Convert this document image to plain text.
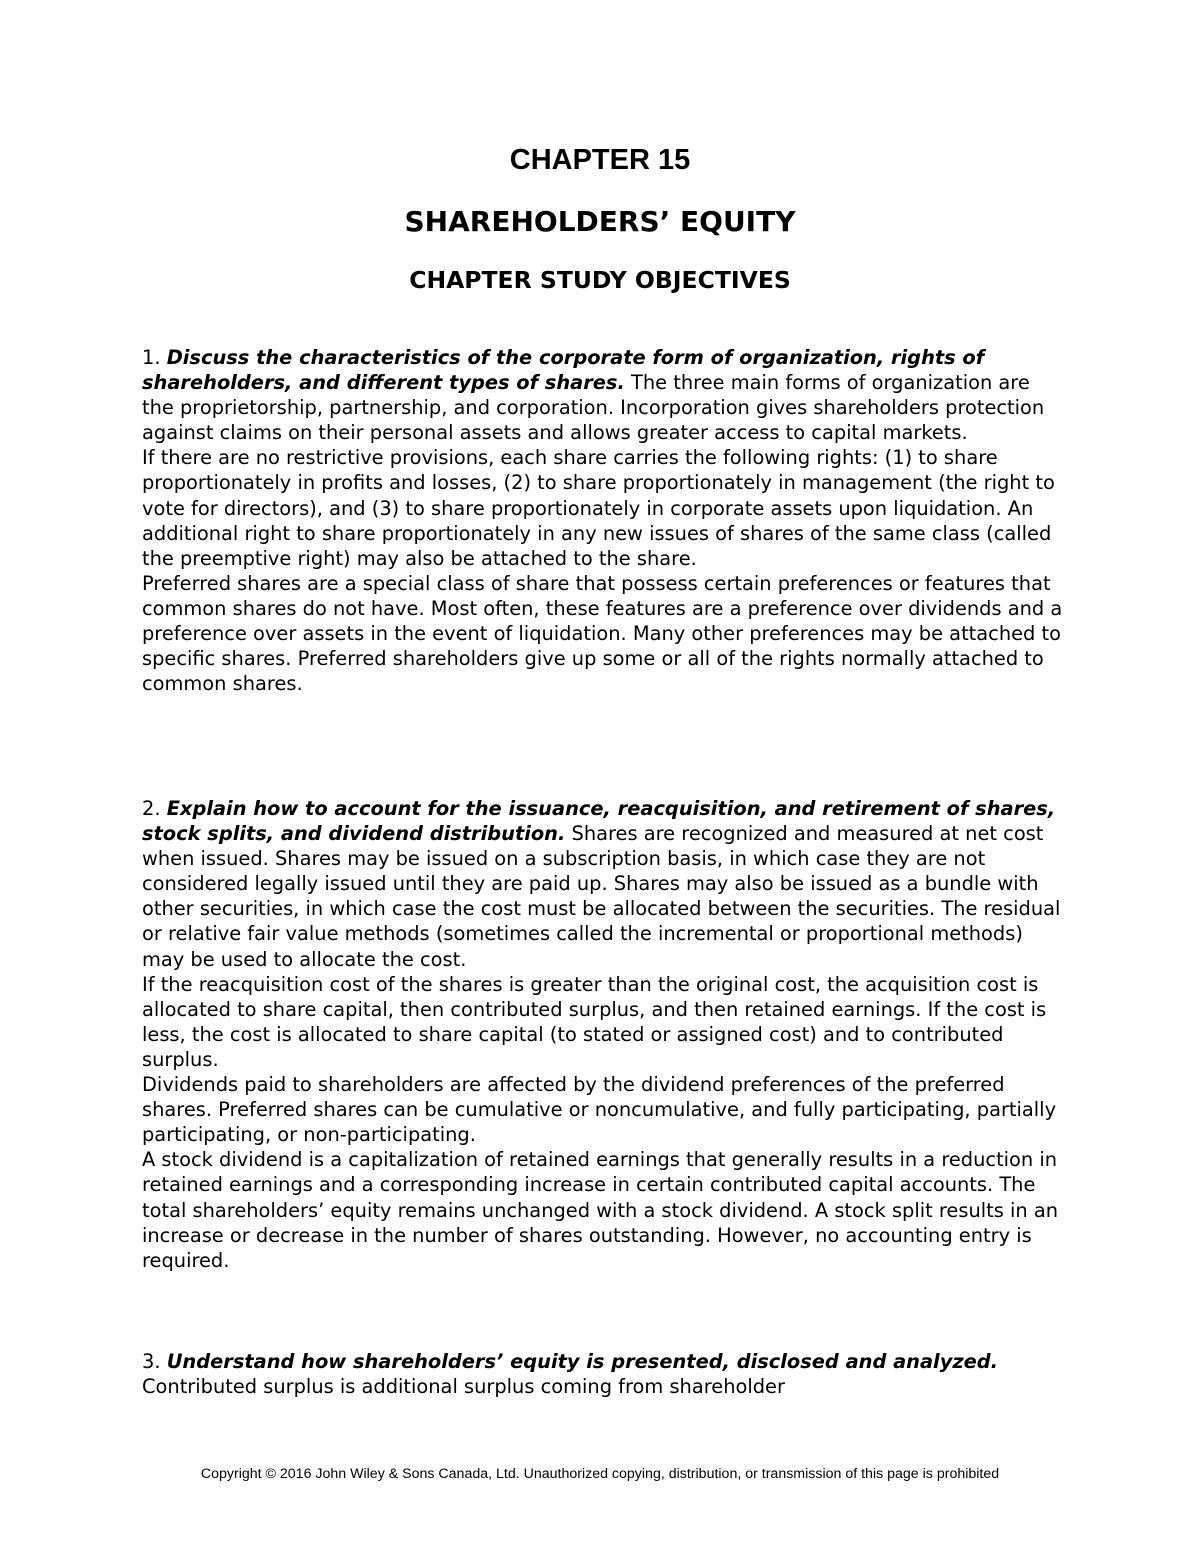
CHAPTER 15
SHAREHOLDERS’ EQUITY
CHAPTER STUDY OBJECTIVES

1. Discuss the characteristics of the corporate form of organization, rights of shareholders, and different types of shares. The three main forms of organization are the proprietorship, partnership, and corporation. Incorporation gives shareholders protection against claims on their personal assets and allows greater access to capital markets.

If there are no restrictive provisions, each share carries the following rights: (1) to share proportionately in profits and losses, (2) to share proportionately in management (the right to vote for directors), and (3) to share proportionately in corporate assets upon liquidation. An additional right to share proportionately in any new issues of shares of the same class (called the preemptive right) may also be attached to the share.

Preferred shares are a special class of share that possess certain preferences or features that common shares do not have. Most often, these features are a preference over dividends and a preference over assets in the event of liquidation. Many other preferences may be attached to specific shares. Preferred shareholders give up some or all of the rights normally attached to common shares.

2. Explain how to account for the issuance, reacquisition, and retirement of shares, stock splits, and dividend distribution. Shares are recognized and measured at net cost when issued. Shares may be issued on a subscription basis, in which case they are not considered legally issued until they are paid up. Shares may also be issued as a bundle with other securities, in which case the cost must be allocated between the securities. The residual or relative fair value methods (sometimes called the incremental or proportional methods) may be used to allocate the cost.

If the reacquisition cost of the shares is greater than the original cost, the acquisition cost is allocated to share capital, then contributed surplus, and then retained earnings. If the cost is less, the cost is allocated to share capital (to stated or assigned cost) and to contributed surplus.

Dividends paid to shareholders are affected by the dividend preferences of the preferred shares. Preferred shares can be cumulative or noncumulative, and fully participating, partially participating, or non-participating.

A stock dividend is a capitalization of retained earnings that generally results in a reduction in retained earnings and a corresponding increase in certain contributed capital accounts. The total shareholders’ equity remains unchanged with a stock dividend. A stock split results in an increase or decrease in the number of shares outstanding. However, no accounting entry is required.

3. Understand how shareholders’ equity is presented, disclosed and analyzed. Contributed surplus is additional surplus coming from shareholder

Copyright © 2016 John Wiley & Sons Canada, Ltd. Unauthorized copying, distribution, or transmission of this page is prohibited
